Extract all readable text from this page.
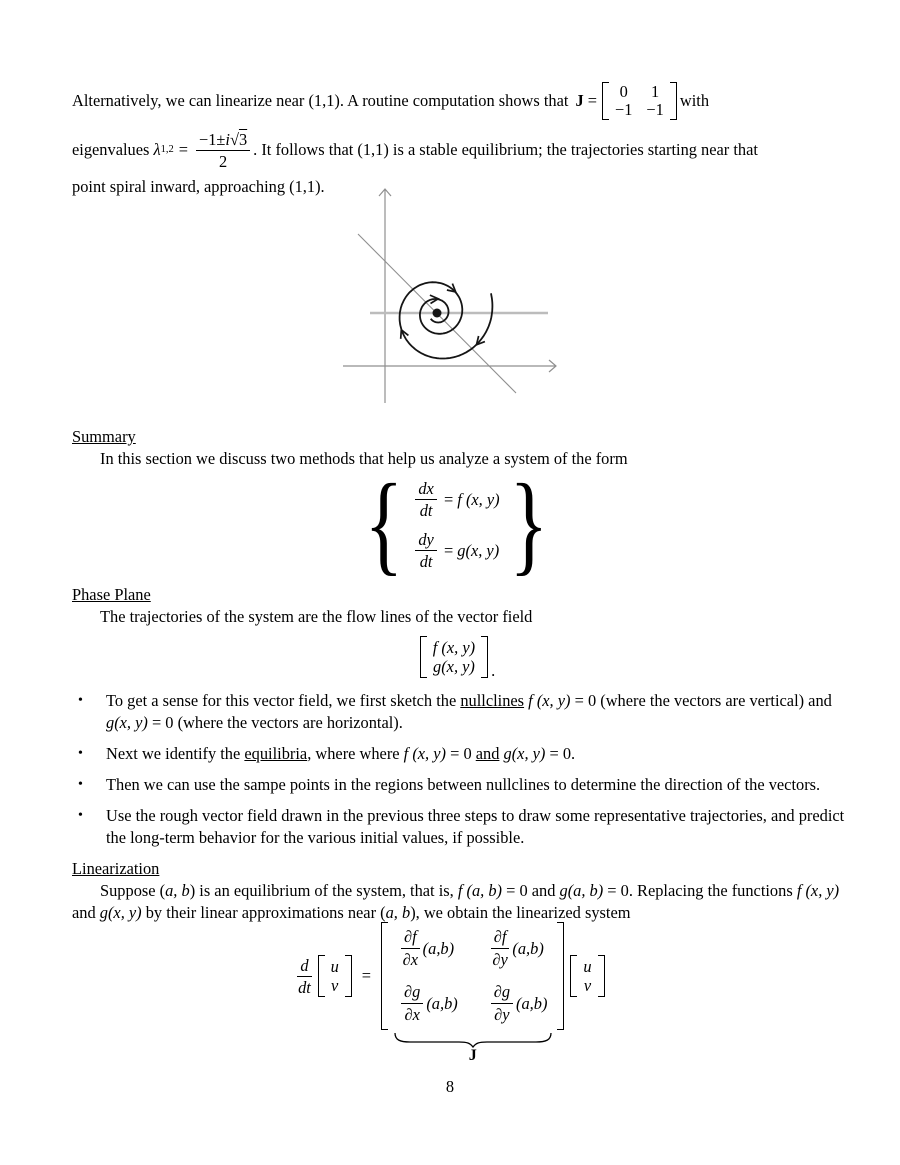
Alternatively, we can linearize near (1,1). A routine computation shows that J = 0 1
−1 −1 with
eigenvalues λ $1,2 = \frac{-1\pm i√3}{2}$ . It follows that (1,1) is a stable equilibrium; the trajectories starting near that
point spiral inward, approaching (1,1).
Summary
In this section we discuss two methods that help us analyze a system of the form
{ $\frac{dx}{dt} = f$ (x, y)
$\frac{dy}{dt} = g(x$, y) }
Phase Plane
The trajectories of the system are the flow lines of the vector field
f (x, y)
g(x, y) .
•	To get a sense for this vector field, we first sketch the nullclines f (x, y) = 0 (where the vectors are vertical) and g(x, y) = 0 (where the vectors are horizontal).
•	Next we identify the equilibria, where where f (x, y) = 0 and g(x, y) = 0.
•	Then we can use the sampe points in the regions between nullclines to determine the direction of the vectors.
•	Use the rough vector field drawn in the previous three steps to draw some representative trajectories, and predict the long-term behavior for the various initial values, if possible.
Linearization
Suppose (a, b) is an equilibrium of the system, that is, f (a, b) = 0 and g(a, b) = 0. Replacing the functions f (x, y) and g(x, y) by their linear approximations near (a, b), we obtain the linearized system
$\frac{d}{dt}$ u
v
=
$\frac{\partial f}{\partial x} (a,b) \frac{\partial f}{\partial y} (a,b)$
$\frac{\partial g}{\partial x} (a,b) \frac{\partial g}{\partial y} (a,b)$
J
u
v
8
